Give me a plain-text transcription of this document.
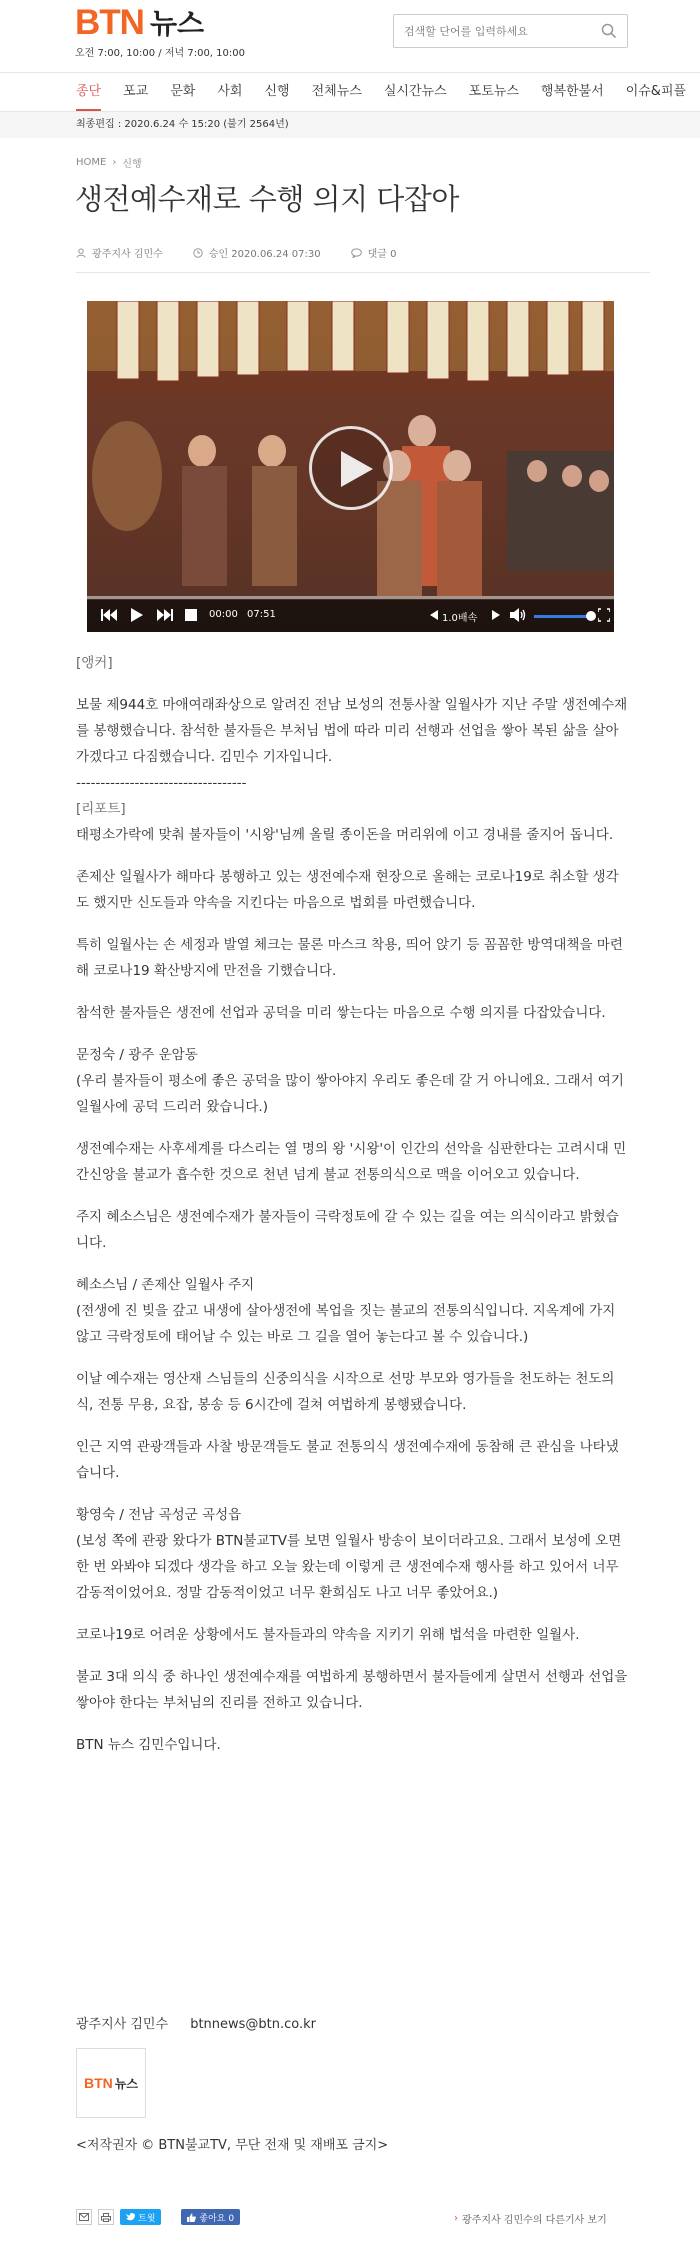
BTN 뉴스
오전 7:00, 10:00 / 저녁 7:00, 10:00
검색할 단어를 입력하세요
종단 포교 문화 사회 신행 전체뉴스 실시간뉴스 포토뉴스 행복한불서 이슈&피플
최종편집 : 2020.6.24 수 15:20 (불기 2564년)
HOME › 신행
생전예수재로 수행 의지 다잡아
광주지사 김민수	승인 2020.06.24 07:30	댓글 0
00:00 07:51	1.0배속

[앵커]

보물 제944호 마애여래좌상으로 알려진 전남 보성의 전통사찰 일월사가 지난 주말 생전예수재를 봉행했습니다. 참석한 불자들은 부처님 법에 따라 미리 선행과 선업을 쌓아 복된 삶을 살아가겠다고 다짐했습니다. 김민수 기자입니다.

-----------------------------------

[리포트]

태평소가락에 맞춰 불자들이 '시왕'님께 올릴 종이돈을 머리위에 이고 경내를 줄지어 돕니다.

존제산 일월사가 해마다 봉행하고 있는 생전예수재 현장으로 올해는 코로나19로 취소할 생각도 했지만 신도들과 약속을 지킨다는 마음으로 법회를 마련했습니다.

특히 일월사는 손 세정과 발열 체크는 물론 마스크 착용, 띄어 앉기 등 꼼꼼한 방역대책을 마련해 코로나19 확산방지에 만전을 기했습니다.

참석한 불자들은 생전에 선업과 공덕을 미리 쌓는다는 마음으로 수행 의지를 다잡았습니다.

문정숙 / 광주 운암동

(우리 불자들이 평소에 좋은 공덕을 많이 쌓아야지 우리도 좋은데 갈 거 아니에요. 그래서 여기 일월사에 공덕 드리러 왔습니다.)

생전예수재는 사후세계를 다스리는 열 명의 왕 '시왕'이 인간의 선악을 심판한다는 고려시대 민간신앙을 불교가 흡수한 것으로 천년 넘게 불교 전통의식으로 맥을 이어오고 있습니다.

주지 혜소스님은 생전예수재가 불자들이 극락정토에 갈 수 있는 길을 여는 의식이라고 밝혔습니다.

혜소스님 / 존제산 일월사 주지

(전생에 진 빚을 갚고 내생에 살아생전에 복업을 짓는 불교의 전통의식입니다. 지옥계에 가지 않고 극락정토에 태어날 수 있는 바로 그 길을 열어 놓는다고 볼 수 있습니다.)

이날 예수재는 영산재 스님들의 신중의식을 시작으로 선망 부모와 영가들을 천도하는 천도의식, 전통 무용, 요잡, 봉송 등 6시간에 걸쳐 여법하게 봉행됐습니다.

인근 지역 관광객들과 사찰 방문객들도 불교 전통의식 생전예수재에 동참해 큰 관심을 나타냈습니다.

황영숙 / 전남 곡성군 곡성읍

(보성 쪽에 관광 왔다가 BTN불교TV를 보면 일월사 방송이 보이더라고요. 그래서 보성에 오면 한 번 와봐야 되겠다 생각을 하고 오늘 왔는데 이렇게 큰 생전예수재 행사를 하고 있어서 너무 감동적이었어요. 정말 감동적이었고 너무 환희심도 나고 너무 좋았어요.)

코로나19로 어려운 상황에서도 불자들과의 약속을 지키기 위해 법석을 마련한 일월사.

불교 3대 의식 중 하나인 생전예수재를 여법하게 봉행하면서 불자들에게 살면서 선행과 선업을 쌓아야 한다는 부처님의 진리를 전하고 있습니다.

BTN 뉴스 김민수입니다.

광주지사 김민수 btnnews@btn.co.kr
BTN 뉴스
<저작권자 © BTN불교TV, 무단 전재 및 재배포 금지>
트윗	좋아요 0	› 광주지사 김민수의 다른기사 보기
